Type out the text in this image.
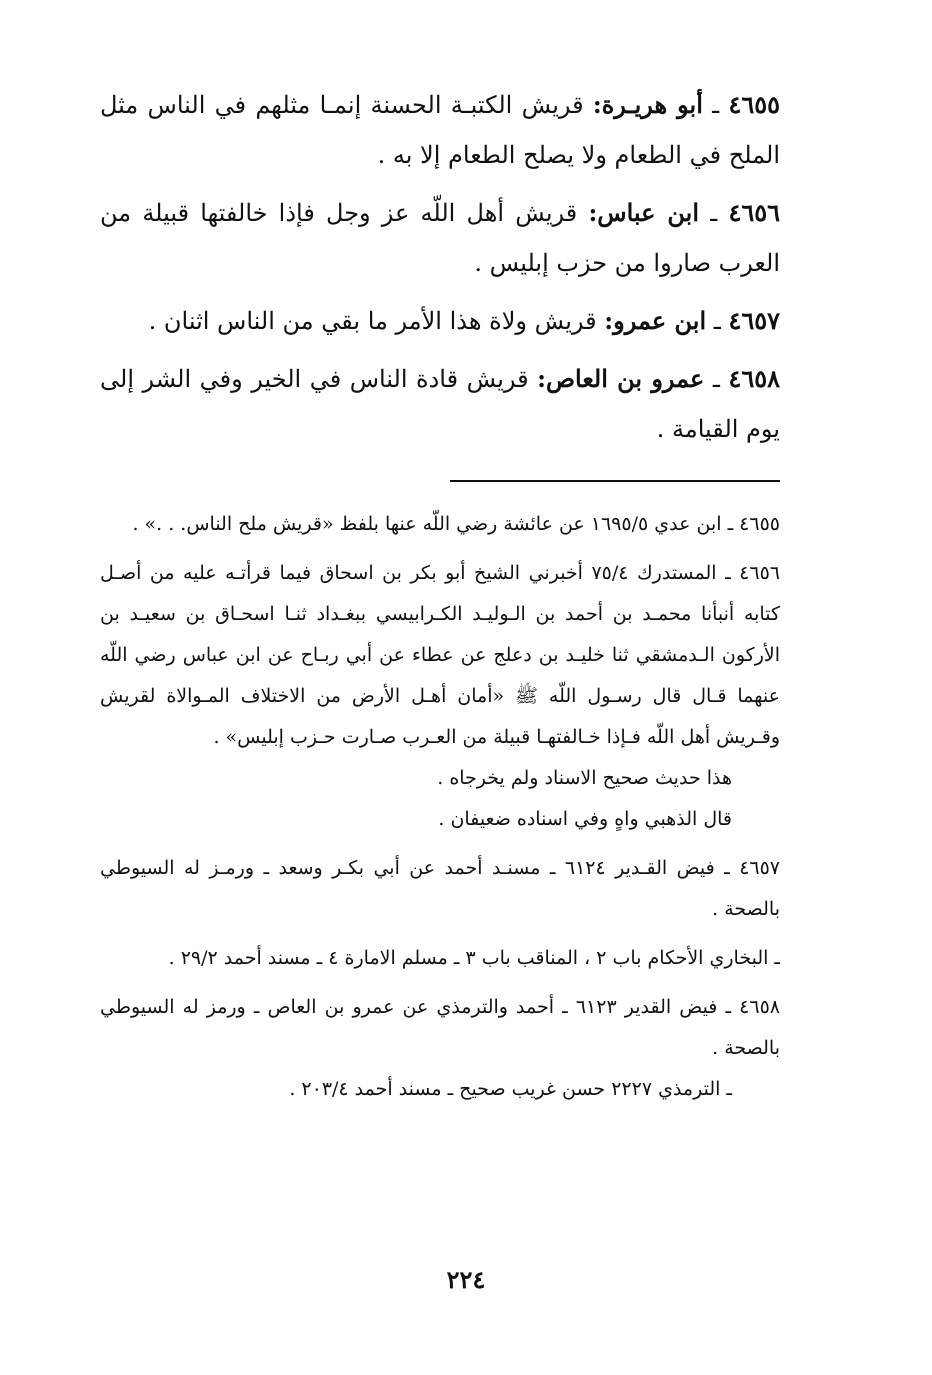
٤٦٥٥ ـ أبو هريـرة: قريش الكتبـة الحسنة إنمـا مثلهم في الناس مثل الملح في الطعام ولا يصلح الطعام إلا به .

٤٦٥٦ ـ ابن عباس: قريش أهل اللّه عز وجل فإذا خالفتها قبيلة من العرب صاروا من حزب إبليس .

٤٦٥٧ ـ ابن عمرو: قريش ولاة هذا الأمر ما بقي من الناس اثنان .

٤٦٥٨ ـ عمرو بن العاص: قريش قادة الناس في الخير وفي الشر إلى يوم القيامة .

٤٦٥٥ ـ ابن عدي ١٦٩٥/٥ عن عائشة رضي اللّه عنها بلفظ «قريش ملح الناس. . .» .

٤٦٥٦ ـ المستدرك ٧٥/٤ أخبرني الشيخ أبو بكر بن اسحاق فيما قرأتـه عليه من أصـل كتابه أنبأنا محمـد بن أحمد بن الـوليـد الكـرابيسي ببغـداد ثنـا اسحـاق بن سعيـد بن الأركون الـدمشقي ثنا خليـد بن دعلج عن عطاء عن أبي ربـاح عن ابن عباس رضي اللّه عنهما قـال قال رسـول اللّه ﷺ «أمان أهـل الأرض من الاختلاف المـوالاة لقريش وقـريش أهل اللّه فـإذا خـالفتهـا قبيلة من العـرب صـارت حـزب إبليس» .
هذا حديث صحيح الاسناد ولم يخرجاه .
قال الذهبي واهٍ وفي اسناده ضعيفان .

٤٦٥٧ ـ فيض القـدير ٦١٢٤ ـ مسنـد أحمد عن أبي بكـر وسعد ـ ورمـز له السيوطي بالصحة .

ـ البخاري الأحكام باب ٢ ، المناقب باب ٣ ـ مسلم الامارة ٤ ـ مسند أحمد ٢٩/٢ .

٤٦٥٨ ـ فيض القدير ٦١٢٣ ـ أحمد والترمذي عن عمرو بن العاص ـ ورمز له السيوطي بالصحة .
ـ الترمذي ٢٢٢٧ حسن غريب صحيح ـ مسند أحمد ٢٠٣/٤ .

٢٢٤
